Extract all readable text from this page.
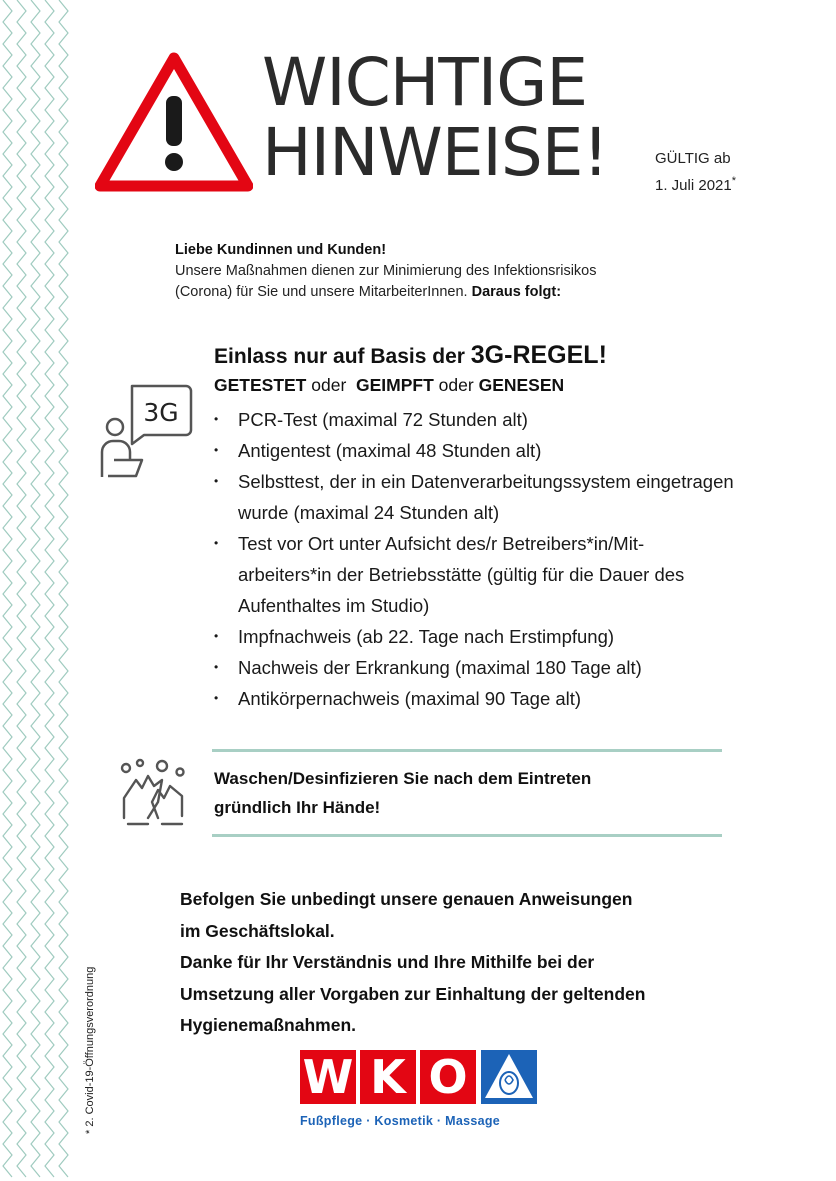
WICHTIGE
HINWEISE!	GÜLTIG ab
1. Juli 2021*
Liebe Kundinnen und Kunden!
Unsere Maßnahmen dienen zur Minimierung des Infektionsrisikos
(Corona) für Sie und unsere MitarbeiterInnen. Daraus folgt:
3G
Einlass nur auf Basis der 3G-REGEL!
GETESTET oder GEIMPFT oder GENESEN
• PCR-Test (maximal 72 Stunden alt)
• Antigentest (maximal 48 Stunden alt)
• Selbsttest, der in ein Datenverarbeitungssystem eingetragen wurde (maximal 24 Stunden alt)
• Test vor Ort unter Aufsicht des/r Betreibers*in/Mit-arbeiters*in der Betriebsstätte (gültig für die Dauer des Aufenthaltes im Studio)
• Impfnachweis (ab 22. Tage nach Erstimpfung)
• Nachweis der Erkrankung (maximal 180 Tage alt)
• Antikörpernachweis (maximal 90 Tage alt)
Waschen/Desinfizieren Sie nach dem Eintreten
gründlich Ihr Hände!
Befolgen Sie unbedingt unsere genauen Anweisungen
im Geschäftslokal.
Danke für Ihr Verständnis und Ihre Mithilfe bei der
Umsetzung aller Vorgaben zur Einhaltung der geltenden
Hygienemaßnahmen.
* 2. Covid-19-Öffnungsverordnung	W K O
Fußpflege · Kosmetik · Massage
